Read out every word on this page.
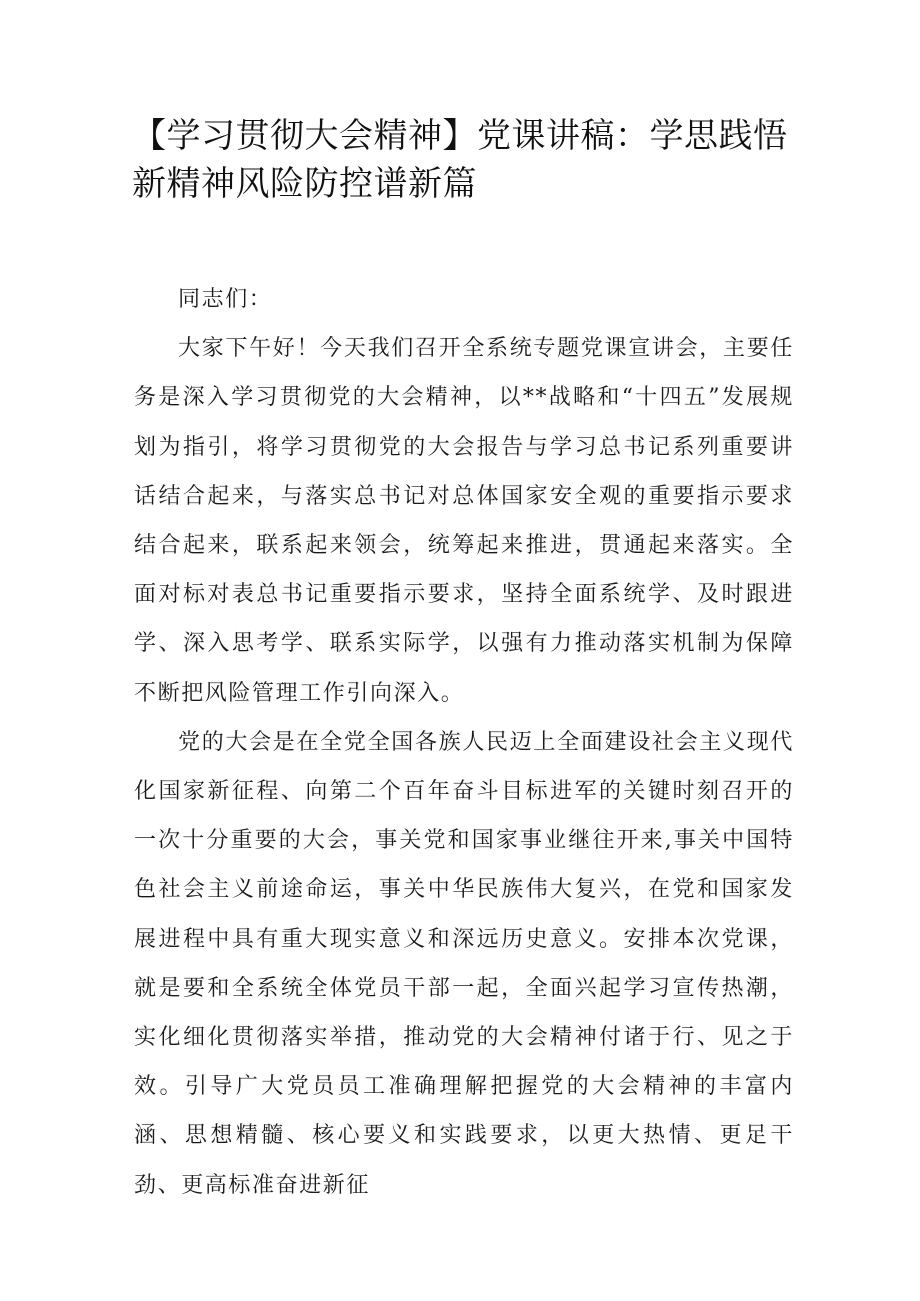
【学习贯彻大会精神】党课讲稿：学思践悟新精神风险防控谱新篇

同志们：

大家下午好！今天我们召开全系统专题党课宣讲会，主要任务是深入学习贯彻党的大会精神，以**战略和“十四五”发展规划为指引，将学习贯彻党的大会报告与学习总书记系列重要讲话结合起来，与落实总书记对总体国家安全观的重要指示要求结合起来，联系起来领会，统筹起来推进，贯通起来落实。全面对标对表总书记重要指示要求，坚持全面系统学、及时跟进学、深入思考学、联系实际学，以强有力推动落实机制为保障不断把风险管理工作引向深入。

党的大会是在全党全国各族人民迈上全面建设社会主义现代化国家新征程、向第二个百年奋斗目标进军的关键时刻召开的一次十分重要的大会，事关党和国家事业继往开来,事关中国特色社会主义前途命运，事关中华民族伟大复兴，在党和国家发展进程中具有重大现实意义和深远历史意义。安排本次党课，就是要和全系统全体党员干部一起，全面兴起学习宣传热潮，实化细化贯彻落实举措，推动党的大会精神付诸于行、见之于效。引导广大党员员工准确理解把握党的大会精神的丰富内涵、思想精髓、核心要义和实践要求，以更大热情、更足干劲、更高标准奋进新征
